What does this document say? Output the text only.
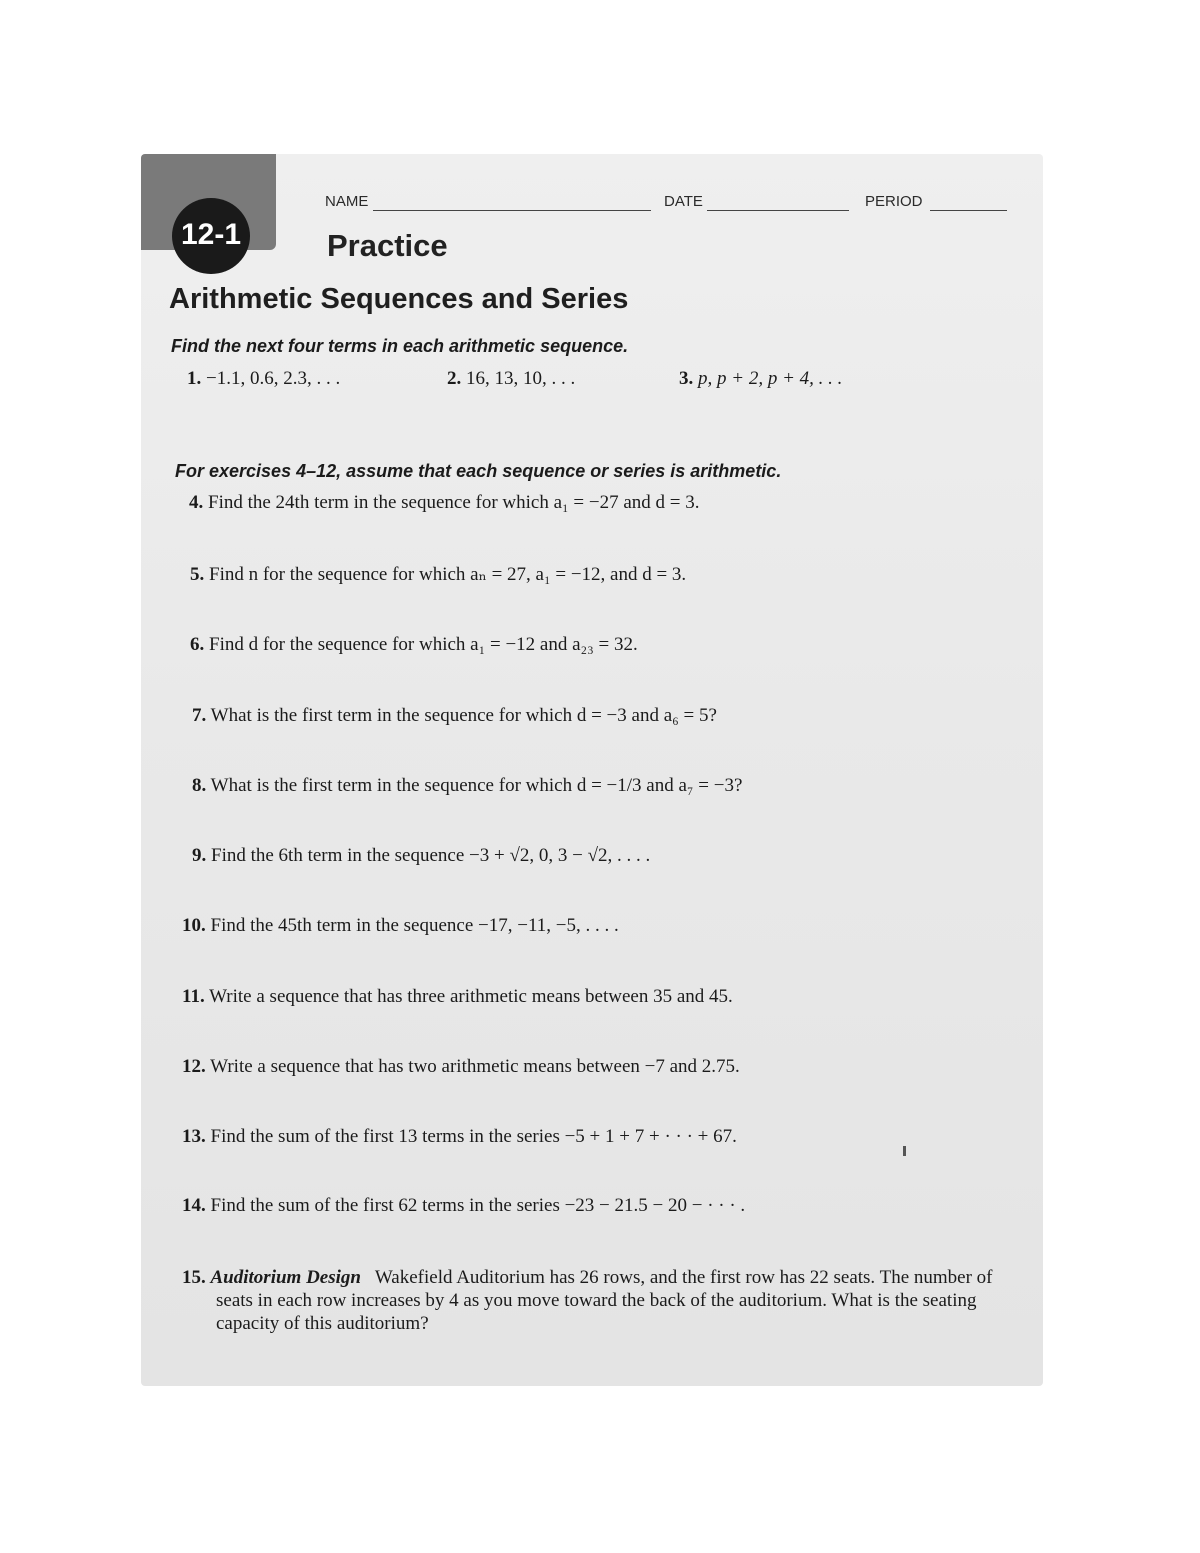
12-1
NAME	DATE	PERIOD
Practice
Arithmetic Sequences and Series
Find the next four terms in each arithmetic sequence.
1. −1.1, 0.6, 2.3, . . .	2. 16, 13, 10, . . .	3. p, p + 2, p + 4, . . .
For exercises 4–12, assume that each sequence or series is arithmetic.
4. Find the 24th term in the sequence for which a₁ = −27 and d = 3.
5. Find n for the sequence for which aₙ = 27, a₁ = −12, and d = 3.
6. Find d for the sequence for which a₁ = −12 and a₂₃ = 32.
7. What is the first term in the sequence for which d = −3 and a₆ = 5?
8. What is the first term in the sequence for which d = −1/3 and a₇ = −3?
9. Find the 6th term in the sequence −3 + √2, 0, 3 − √2, . . . .
10. Find the 45th term in the sequence −17, −11, −5, . . . .
11. Write a sequence that has three arithmetic means between 35 and 45.
12. Write a sequence that has two arithmetic means between −7 and 2.75.
13. Find the sum of the first 13 terms in the series −5 + 1 + 7 + · · · + 67.
14. Find the sum of the first 62 terms in the series −23 − 21.5 − 20 − · · · .
15. Auditorium Design Wakefield Auditorium has 26 rows, and the first row has 22 seats. The number of seats in each row increases by 4 as you move toward the back of the auditorium. What is the seating capacity of this auditorium?
